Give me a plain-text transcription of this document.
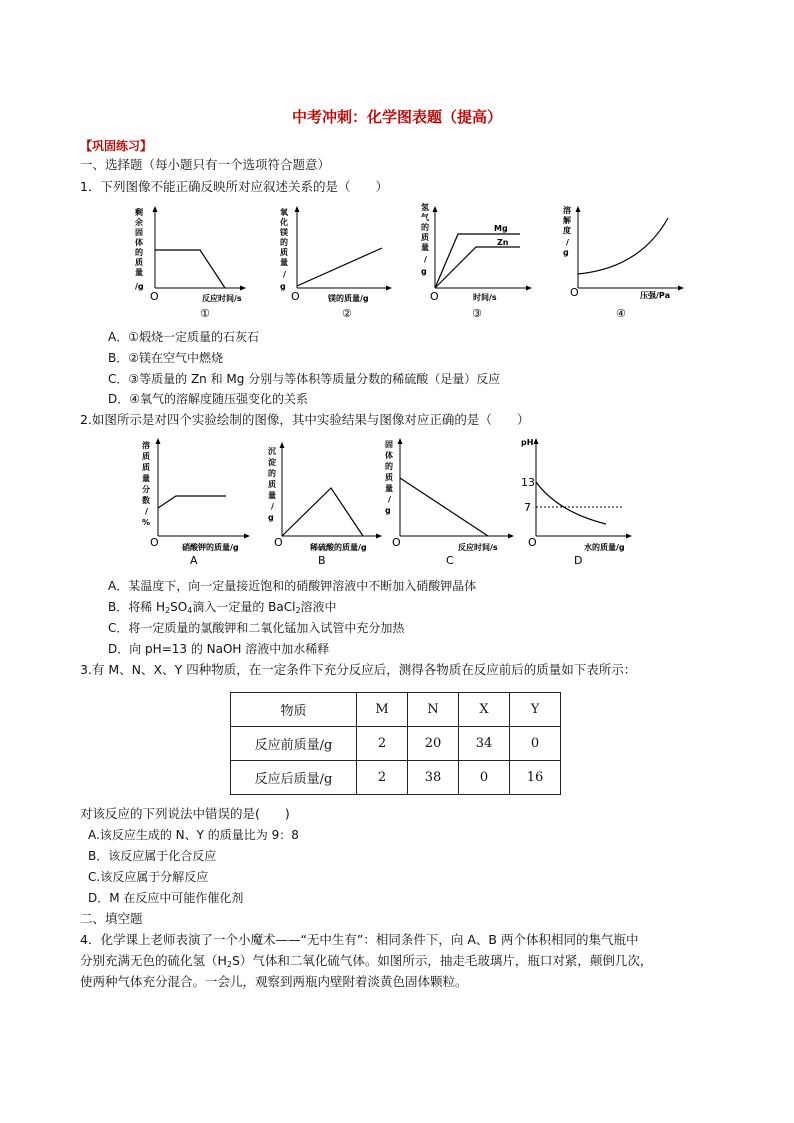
中考冲刺：化学图表题（提高）
【巩固练习】
一、选择题（每小题只有一个选项符合题意）
1．下列图像不能正确反映所对应叙述关系的是（　　）
剩
余
固
体
的
质
量
/g
O	反应时间/s
①
氧
化
镁
的
质
量
/
g
O	镁的质量/g
②
氢
气
的
质
量
/
g
Mg
Zn
O	时间/s
③
溶
解
度
/
g
O	压强/Pa
④
A．①煅烧一定质量的石灰石
B．②镁在空气中燃烧
C．③等质量的 Zn 和 Mg 分别与等体积等质量分数的稀硫酸（足量）反应
D．④氧气的溶解度随压强变化的关系
2.如图所示是对四个实验绘制的图像，其中实验结果与图像对应正确的是（　　）
溶
质
质
量
分
数
/
%
O	硝酸钾的质量/g
A
沉
淀
的
质
量
/
g
O	稀硫酸的质量/g
B
固
体
的
质
量
/
g
O	反应时间/s
C
pH
13
7
O	水的质量/g
D
A．某温度下，向一定量接近饱和的硝酸钾溶液中不断加入硝酸钾晶体
B．将稀 $H_2SO_4$滴入一定量的 BaCl$_2$溶液中
C．将一定质量的氯酸钾和二氧化锰加入试管中充分加热
D．向 pH=13 的 NaOH 溶液中加水稀释
3.有 M、N、X、Y 四种物质，在一定条件下充分反应后，测得各物质在反应前后的质量如下表所示：
物质	M	N	X	Y
反应前质量/g	2	20	34	0
反应后质量/g	2	38	0	16
对该反应的下列说法中错误的是(　　)
A.该反应生成的 N、Y 的质量比为 9：8
B．该反应属于化合反应
C.该反应属于分解反应
D．M 在反应中可能作催化剂
二、填空题
4．化学课上老师表演了一个小魔术——“无中生有”：相同条件下，向 A、B 两个体积相同的集气瓶中
分别充满无色的硫化氢$(H_2S)$气体和二氧化硫气体。如图所示，抽走毛玻璃片，瓶口对紧，颠倒几次，
使两种气体充分混合。一会儿，观察到两瓶内壁附着淡黄色固体颗粒。
